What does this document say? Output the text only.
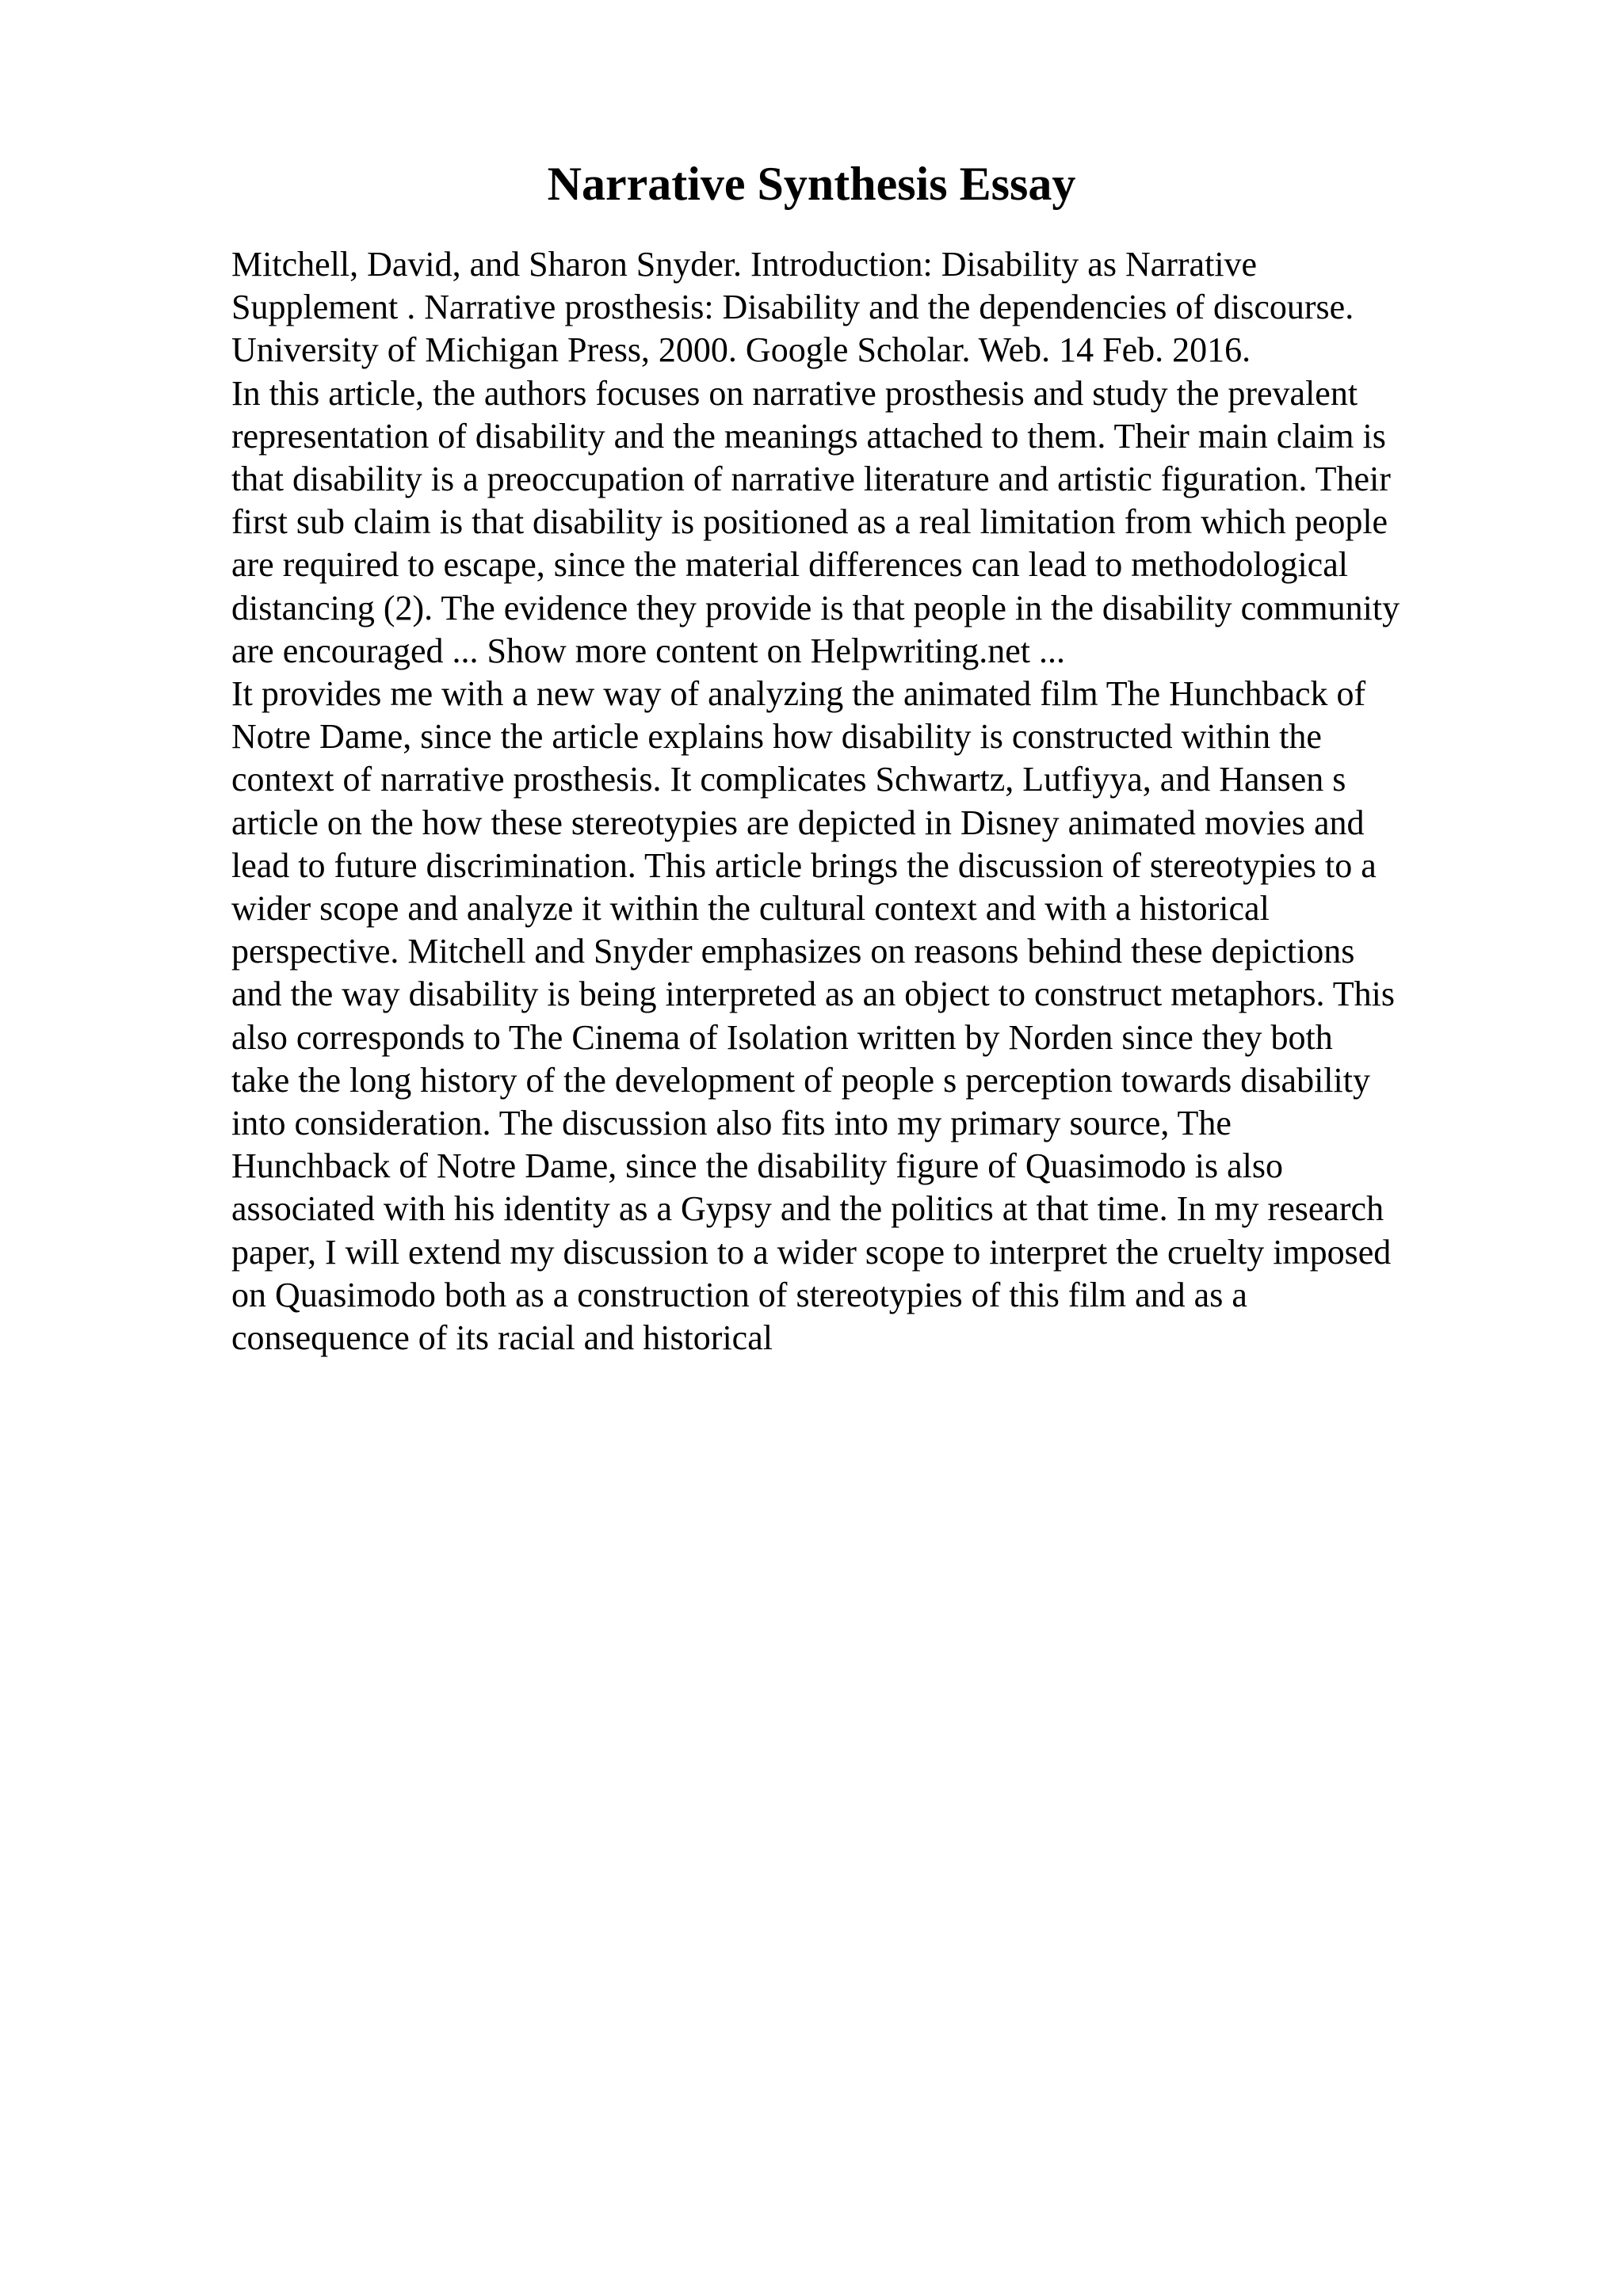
Narrative Synthesis Essay
Mitchell, David, and Sharon Snyder. Introduction: Disability as Narrative
Supplement . Narrative prosthesis: Disability and the dependencies of discourse.
University of Michigan Press, 2000. Google Scholar. Web. 14 Feb. 2016.
In this article, the authors focuses on narrative prosthesis and study the prevalent
representation of disability and the meanings attached to them. Their main claim is
that disability is a preoccupation of narrative literature and artistic figuration. Their
first sub claim is that disability is positioned as a real limitation from which people
are required to escape, since the material differences can lead to methodological
distancing (2). The evidence they provide is that people in the disability community
are encouraged ... Show more content on Helpwriting.net ...
It provides me with a new way of analyzing the animated film The Hunchback of
Notre Dame, since the article explains how disability is constructed within the
context of narrative prosthesis. It complicates Schwartz, Lutfiyya, and Hansen s
article on the how these stereotypies are depicted in Disney animated movies and
lead to future discrimination. This article brings the discussion of stereotypies to a
wider scope and analyze it within the cultural context and with a historical
perspective. Mitchell and Snyder emphasizes on reasons behind these depictions
and the way disability is being interpreted as an object to construct metaphors. This
also corresponds to The Cinema of Isolation written by Norden since they both
take the long history of the development of people s perception towards disability
into consideration. The discussion also fits into my primary source, The
Hunchback of Notre Dame, since the disability figure of Quasimodo is also
associated with his identity as a Gypsy and the politics at that time. In my research
paper, I will extend my discussion to a wider scope to interpret the cruelty imposed
on Quasimodo both as a construction of stereotypies of this film and as a
consequence of its racial and historical
